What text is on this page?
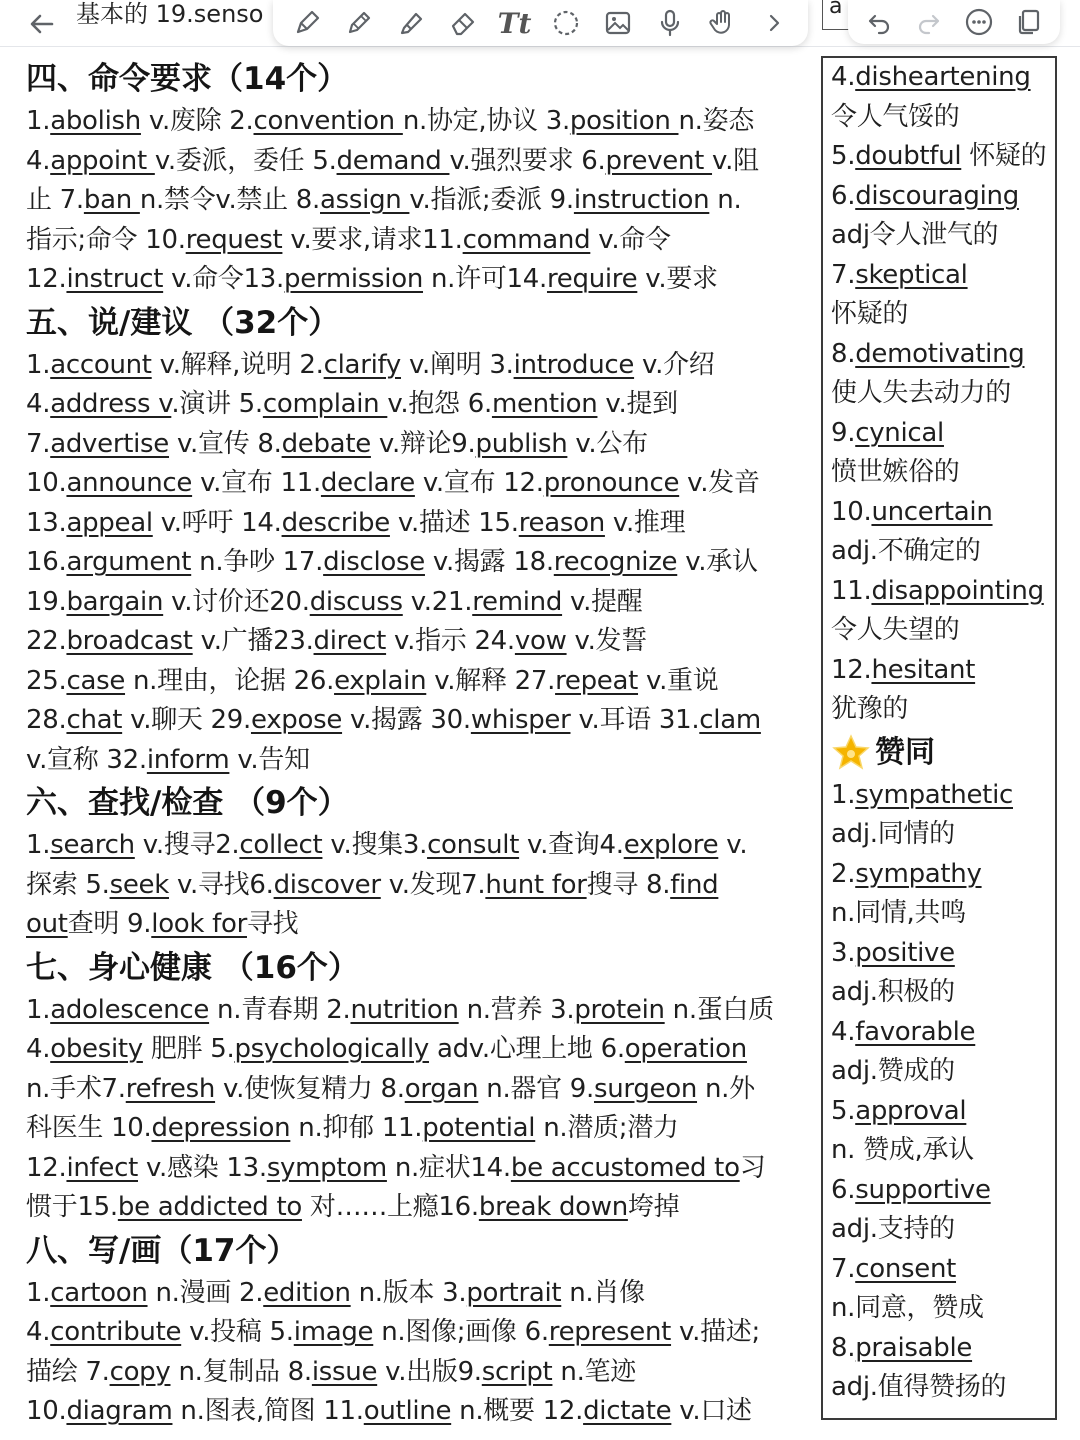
基本的 19.senso	Tt	a
四、命令要求（14个）
1.abolish v.废除 2.convention n.协定,协议 3.position n.姿态
4.appoint v.委派，委任 5.demand v.强烈要求 6.prevent v.阻
止 7.ban n.禁令v.禁止 8.assign v.指派;委派 9.instruction n.
指示;命令 10.request v.要求,请求11.command v.命令
12.instruct v.命令13.permission n.许可14.require v.要求
五、说/建议 （32个）
1.account v.解释,说明 2.clarify v.阐明 3.introduce v.介绍
4.address v.演讲 5.complain v.抱怨 6.mention v.提到
7.advertise v.宣传 8.debate v.辩论9.publish v.公布
10.announce v.宣布 11.declare v.宣布 12.pronounce v.发音
13.appeal v.呼吁 14.describe v.描述 15.reason v.推理
16.argument n.争吵 17.disclose v.揭露 18.recognize v.承认
19.bargain v.讨价还20.discuss v.21.remind v.提醒
22.broadcast v.广播23.direct v.指示 24.vow v.发誓
25.case n.理由，论据 26.explain v.解释 27.repeat v.重说
28.chat v.聊天 29.expose v.揭露 30.whisper v.耳语 31.clam
v.宣称 32.inform v.告知
六、查找/检查 （9个）
1.search v.搜寻2.collect v.搜集3.consult v.查询4.explore v.
探索 5.seek v.寻找6.discover v.发现7.hunt for搜寻 8.find
out查明 9.look for寻找
七、身心健康 （16个）
1.adolescence n.青春期 2.nutrition n.营养 3.protein n.蛋白质
4.obesity 肥胖 5.psychologically adv.心理上地 6.operation
n.手术7.refresh v.使恢复精力 8.organ n.器官 9.surgeon n.外
科医生 10.depression n.抑郁 11.potential n.潜质;潜力
12.infect v.感染 13.symptom n.症状14.be accustomed to习
惯于15.be addicted to 对……上瘾16.break down垮掉
八、写/画（17个）
1.cartoon n.漫画 2.edition n.版本 3.portrait n.肖像
4.contribute v.投稿 5.image n.图像;画像 6.represent v.描述;
描绘 7.copy n.复制品 8.issue v.出版9.script n.笔迹
10.diagram n.图表,简图 11.outline n.概要 12.dictate v.口述
4.disheartening
令人气馁的
5.doubtful 怀疑的
6.discouraging
adj令人泄气的
7.skeptical
怀疑的
8.demotivating
使人失去动力的
9.cynical
愤世嫉俗的
10.uncertain
adj.不确定的
11.disappointing
令人失望的
12.hesitant
犹豫的
赞同
1.sympathetic
adj.同情的
2.sympathy
n.同情,共鸣
3.positive
adj.积极的
4.favorable
adj.赞成的
5.approval
n. 赞成,承认
6.supportive
adj.支持的
7.consent
n.同意，赞成
8.praisable
adj.值得赞扬的
